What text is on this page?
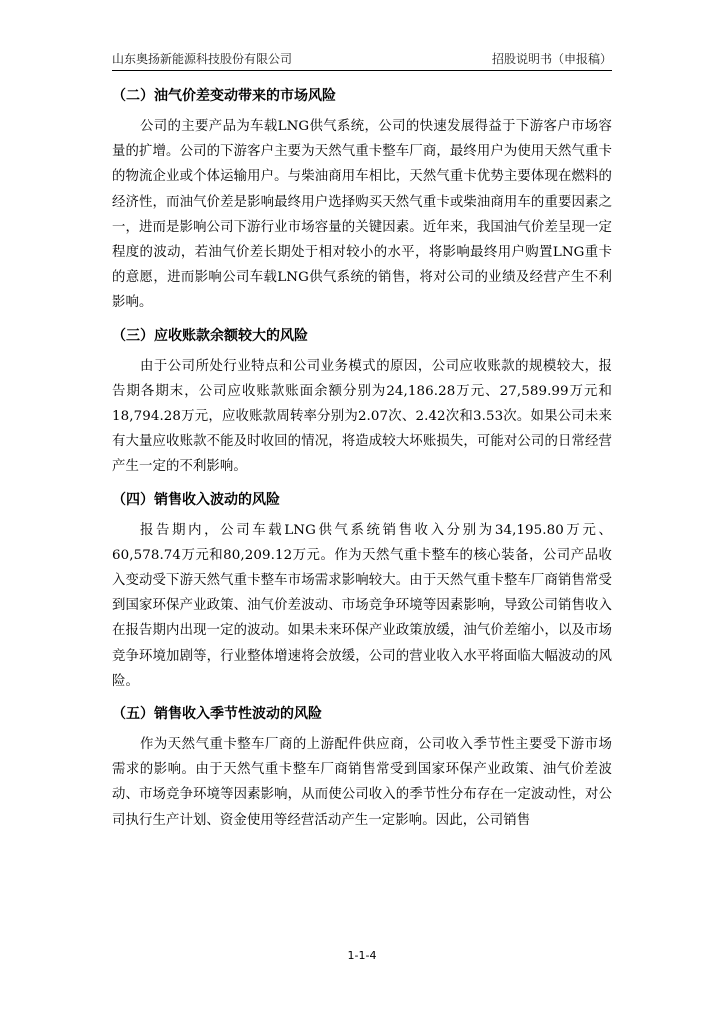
山东奥扬新能源科技股份有限公司	招股说明书（申报稿）
（二）油气价差变动带来的市场风险

公司的主要产品为车载LNG供气系统，公司的快速发展得益于下游客户市场容量的扩增。公司的下游客户主要为天然气重卡整车厂商，最终用户为使用天然气重卡的物流企业或个体运输用户。与柴油商用车相比，天然气重卡优势主要体现在燃料的经济性，而油气价差是影响最终用户选择购买天然气重卡或柴油商用车的重要因素之一，进而是影响公司下游行业市场容量的关键因素。近年来，我国油气价差呈现一定程度的波动，若油气价差长期处于相对较小的水平，将影响最终用户购置LNG重卡的意愿，进而影响公司车载LNG供气系统的销售，将对公司的业绩及经营产生不利影响。

（三）应收账款余额较大的风险

由于公司所处行业特点和公司业务模式的原因，公司应收账款的规模较大，报告期各期末，公司应收账款账面余额分别为24,186.28万元、27,589.99万元和18,794.28万元，应收账款周转率分别为2.07次、2.42次和3.53次。如果公司未来有大量应收账款不能及时收回的情况，将造成较大坏账损失，可能对公司的日常经营产生一定的不利影响。

（四）销售收入波动的风险

报告期内，公司车载LNG供气系统销售收入分别为34,195.80万元、60,578.74万元和80,209.12万元。作为天然气重卡整车的核心装备，公司产品收入变动受下游天然气重卡整车市场需求影响较大。由于天然气重卡整车厂商销售常受到国家环保产业政策、油气价差波动、市场竞争环境等因素影响，导致公司销售收入在报告期内出现一定的波动。如果未来环保产业政策放缓，油气价差缩小，以及市场竞争环境加剧等，行业整体增速将会放缓，公司的营业收入水平将面临大幅波动的风险。

（五）销售收入季节性波动的风险

作为天然气重卡整车厂商的上游配件供应商，公司收入季节性主要受下游市场需求的影响。由于天然气重卡整车厂商销售常受到国家环保产业政策、油气价差波动、市场竞争环境等因素影响，从而使公司收入的季节性分布存在一定波动性，对公司执行生产计划、资金使用等经营活动产生一定影响。因此，公司销售

1-1-4
